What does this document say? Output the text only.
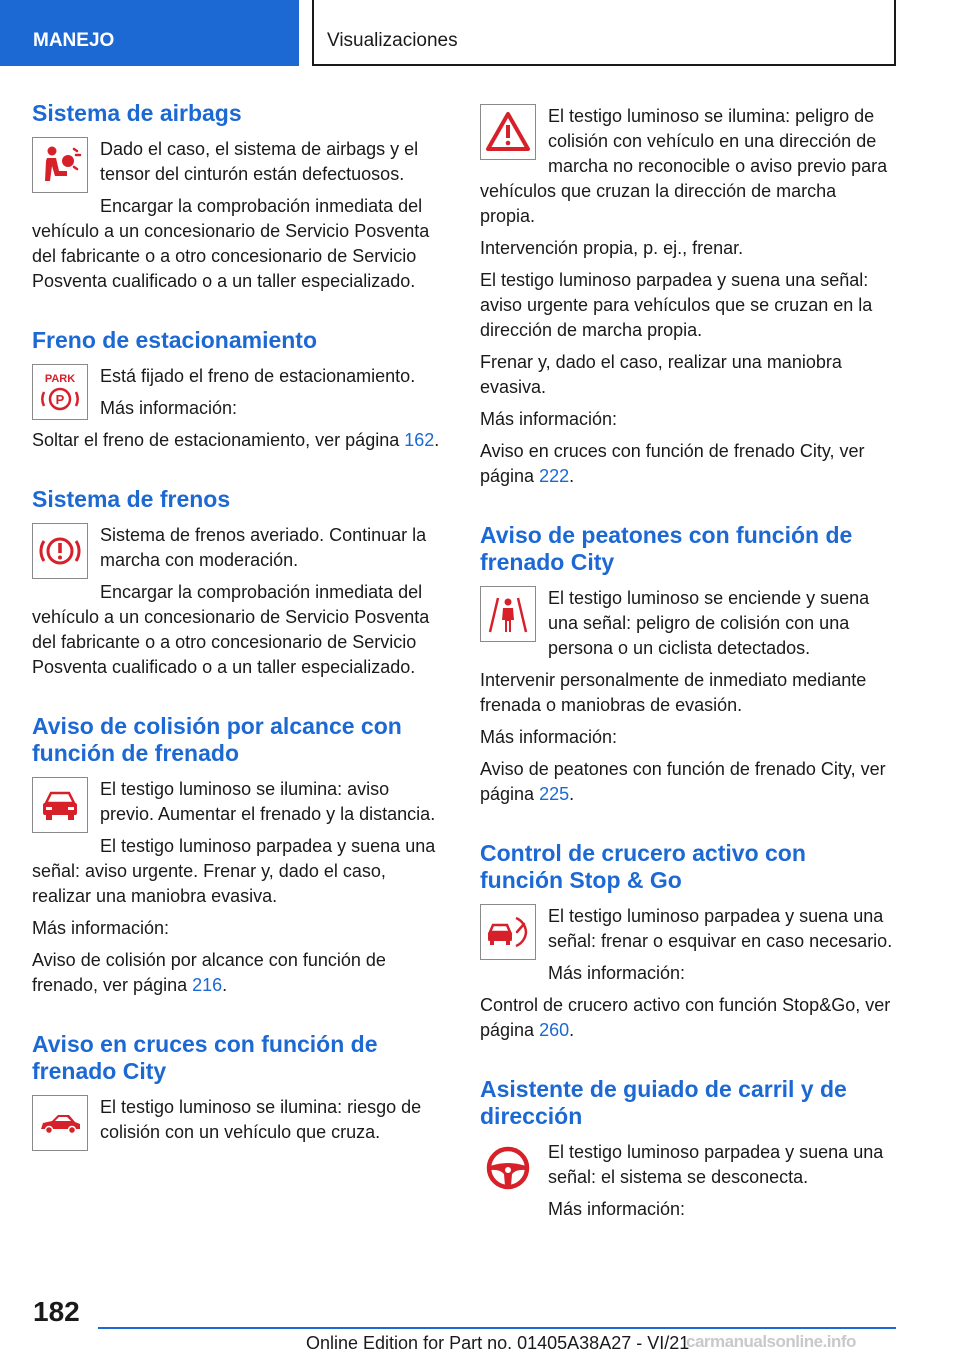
MANEJO	Visualizaciones
Sistema de airbags

Dado el caso, el sistema de airbags y el tensor del cinturón están defectuosos.

Encargar la comprobación inmediata del vehículo a un concesionario de Servicio Posventa del fabricante o a otro concesionario de Servicio Posventa cualificado o a un taller especializado.

Freno de estacionamiento
PARK
P

Está fijado el freno de estacionamiento.

Más información:

Soltar el freno de estacionamiento, ver página 162.

Sistema de frenos

Sistema de frenos averiado. Continuar la marcha con moderación.

Encargar la comprobación inmediata del vehículo a un concesionario de Servicio Posventa del fabricante o a otro concesionario de Servicio Posventa cualificado o a un taller especializado.

Aviso de colisión por alcance con función de frenado

El testigo luminoso se ilumina: aviso previo. Aumentar el frenado y la distancia.

El testigo luminoso parpadea y suena una señal: aviso urgente. Frenar y, dado el caso, realizar una maniobra evasiva.

Más información:

Aviso de colisión por alcance con función de frenado, ver página 216.

Aviso en cruces con función de frenado City

El testigo luminoso se ilumina: riesgo de colisión con un vehículo que cruza.

El testigo luminoso se ilumina: peligro de colisión con vehículo en una dirección de marcha no reconocible o aviso previo para vehículos que cruzan la dirección de marcha propia.

Intervención propia, p. ej., frenar.

El testigo luminoso parpadea y suena una señal: aviso urgente para vehículos que se cruzan en la dirección de marcha propia.

Frenar y, dado el caso, realizar una maniobra evasiva.

Más información:

Aviso en cruces con función de frenado City, ver página 222.

Aviso de peatones con función de frenado City

El testigo luminoso se enciende y suena una señal: peligro de colisión con una persona o un ciclista detectados.

Intervenir personalmente de inmediato mediante frenada o maniobras de evasión.

Más información:

Aviso de peatones con función de frenado City, ver página 225.

Control de crucero activo con función Stop & Go

El testigo luminoso parpadea y suena una señal: frenar o esquivar en caso necesario.

Más información:

Control de crucero activo con función Stop&Go, ver página 260.

Asistente de guiado de carril y de dirección

El testigo luminoso parpadea y suena una señal: el sistema se desconecta.

Más información:

182
Online Edition for Part no. 01405A38A27 - VI/21
carmanualsonline.info
